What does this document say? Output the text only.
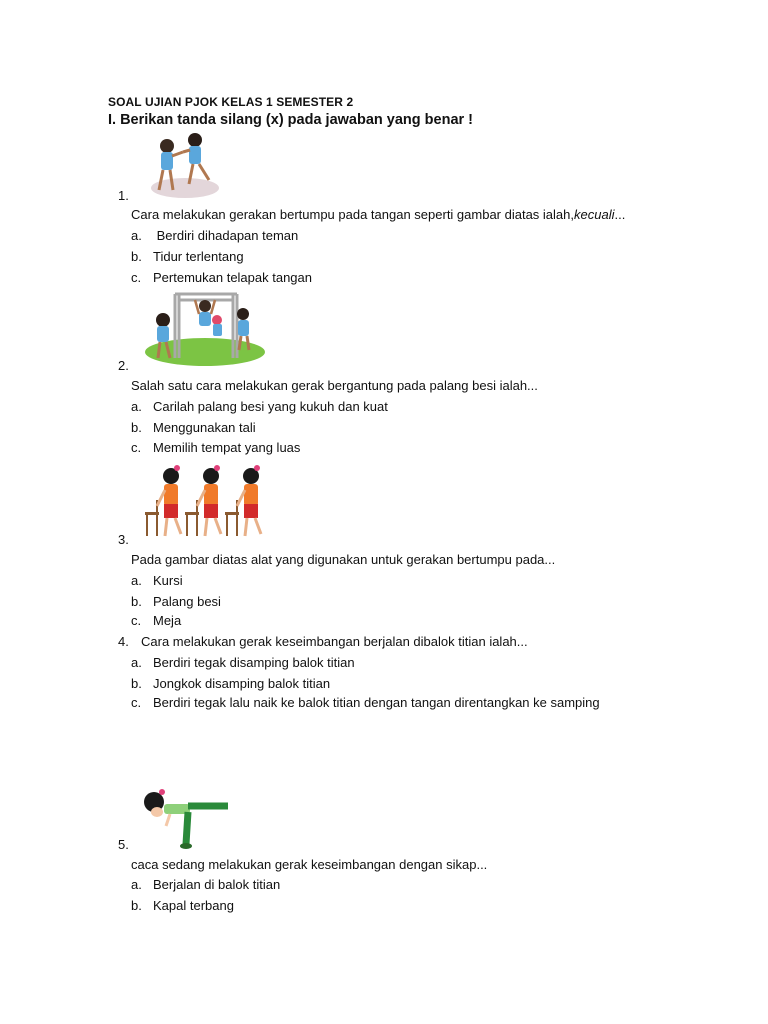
SOAL UJIAN PJOK KELAS 1 SEMESTER 2
I. Berikan tanda silang (x) pada jawaban yang benar !
1.
Cara melakukan gerakan bertumpu pada tangan seperti gambar diatas ialah,kecuali...
a. Berdiri dihadapan teman
b. Tidur terlentang
c. Pertemukan telapak tangan
2.
Salah satu cara melakukan gerak bergantung pada palang besi ialah...
a. Carilah palang besi yang kukuh dan kuat
b. Menggunakan tali
c. Memilih tempat yang luas
3.
Pada gambar diatas alat yang digunakan untuk gerakan bertumpu pada...
a. Kursi
b. Palang besi
c. Meja
4. Cara melakukan gerak keseimbangan berjalan dibalok titian ialah...
a. Berdiri tegak disamping balok titian
b. Jongkok disamping balok titian
c. Berdiri tegak lalu naik ke balok titian dengan tangan direntangkan ke samping
5.
caca sedang melakukan gerak keseimbangan dengan sikap...
a. Berjalan di balok titian
b. Kapal terbang
